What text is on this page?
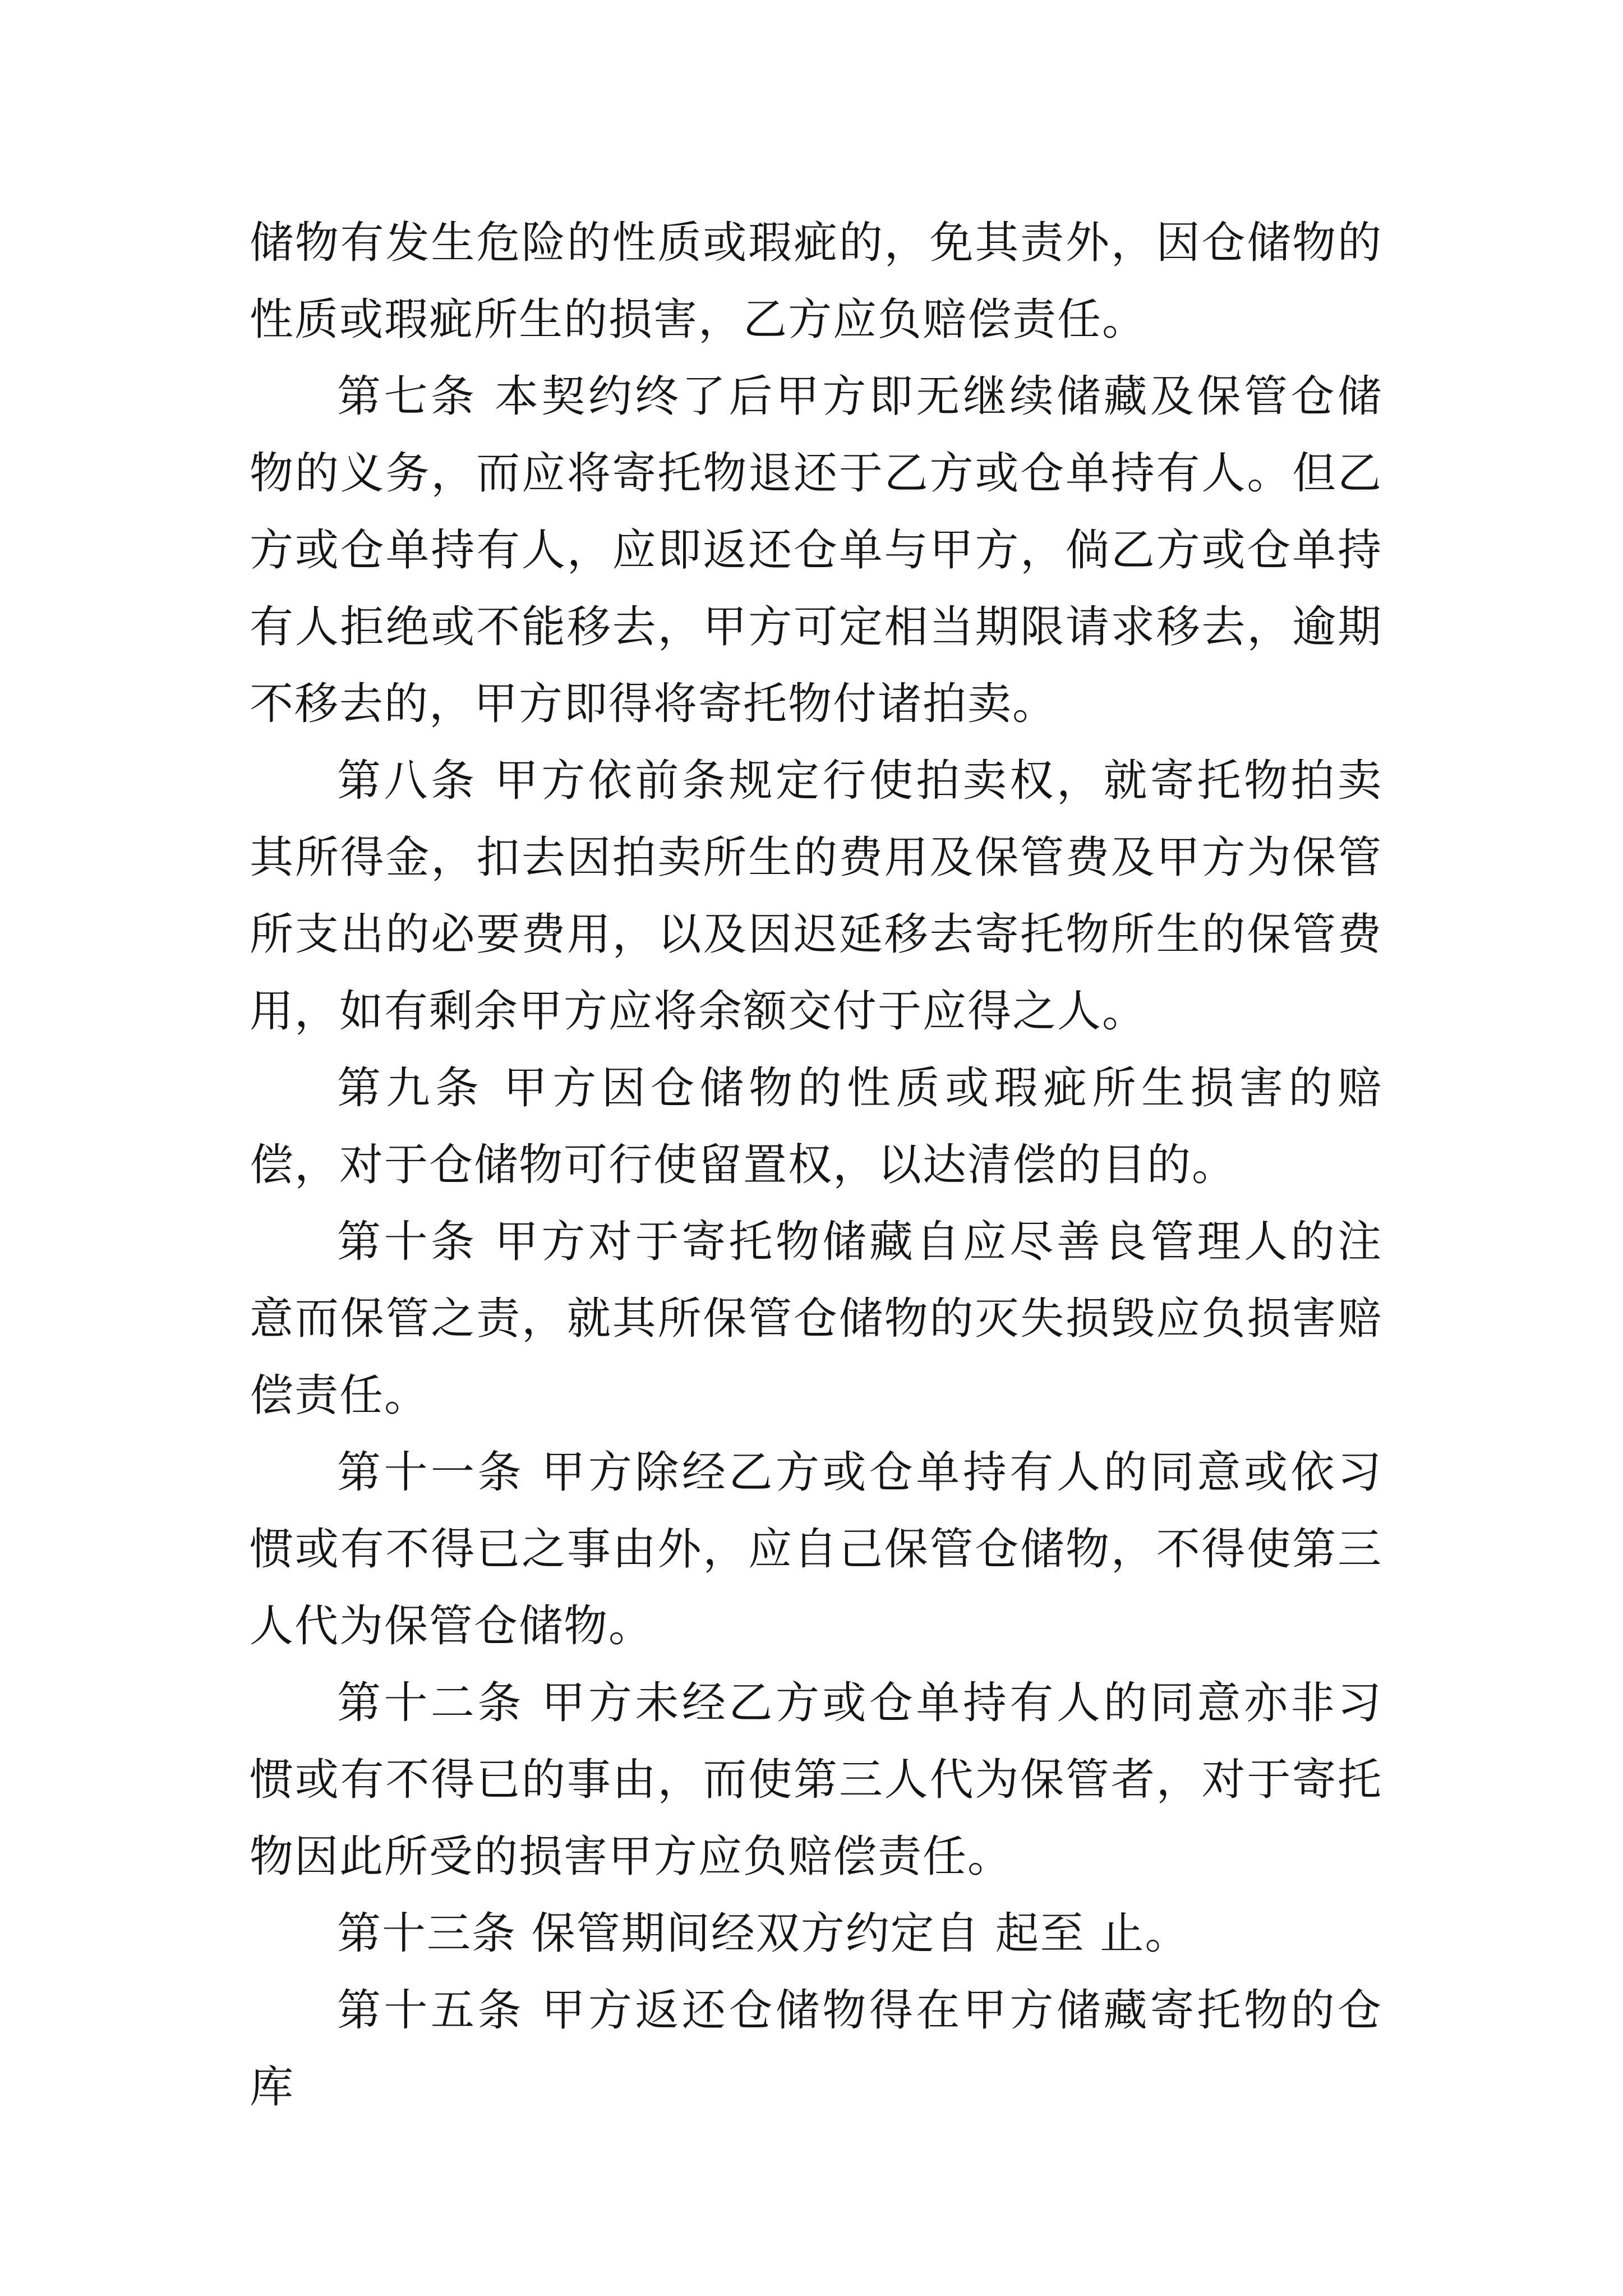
储物有发生危险的性质或瑕疵的，免其责外，因仓储物的性质或瑕疵所生的损害，乙方应负赔偿责任。

第七条 本契约终了后甲方即无继续储藏及保管仓储物的义务，而应将寄托物退还于乙方或仓单持有人。但乙方或仓单持有人，应即返还仓单与甲方，倘乙方或仓单持有人拒绝或不能移去，甲方可定相当期限请求移去，逾期不移去的，甲方即得将寄托物付诸拍卖。

第八条 甲方依前条规定行使拍卖权，就寄托物拍卖其所得金，扣去因拍卖所生的费用及保管费及甲方为保管所支出的必要费用，以及因迟延移去寄托物所生的保管费用，如有剩余甲方应将余额交付于应得之人。

第九条 甲方因仓储物的性质或瑕疵所生损害的赔偿，对于仓储物可行使留置权，以达清偿的目的。

第十条 甲方对于寄托物储藏自应尽善良管理人的注意而保管之责，就其所保管仓储物的灭失损毁应负损害赔偿责任。

第十一条 甲方除经乙方或仓单持有人的同意或依习惯或有不得已之事由外，应自己保管仓储物，不得使第三人代为保管仓储物。

第十二条 甲方未经乙方或仓单持有人的同意亦非习惯或有不得已的事由，而使第三人代为保管者，对于寄托物因此所受的损害甲方应负赔偿责任。

第十三条 保管期间经双方约定自 起至 止。

第十五条 甲方返还仓储物得在甲方储藏寄托物的仓库
